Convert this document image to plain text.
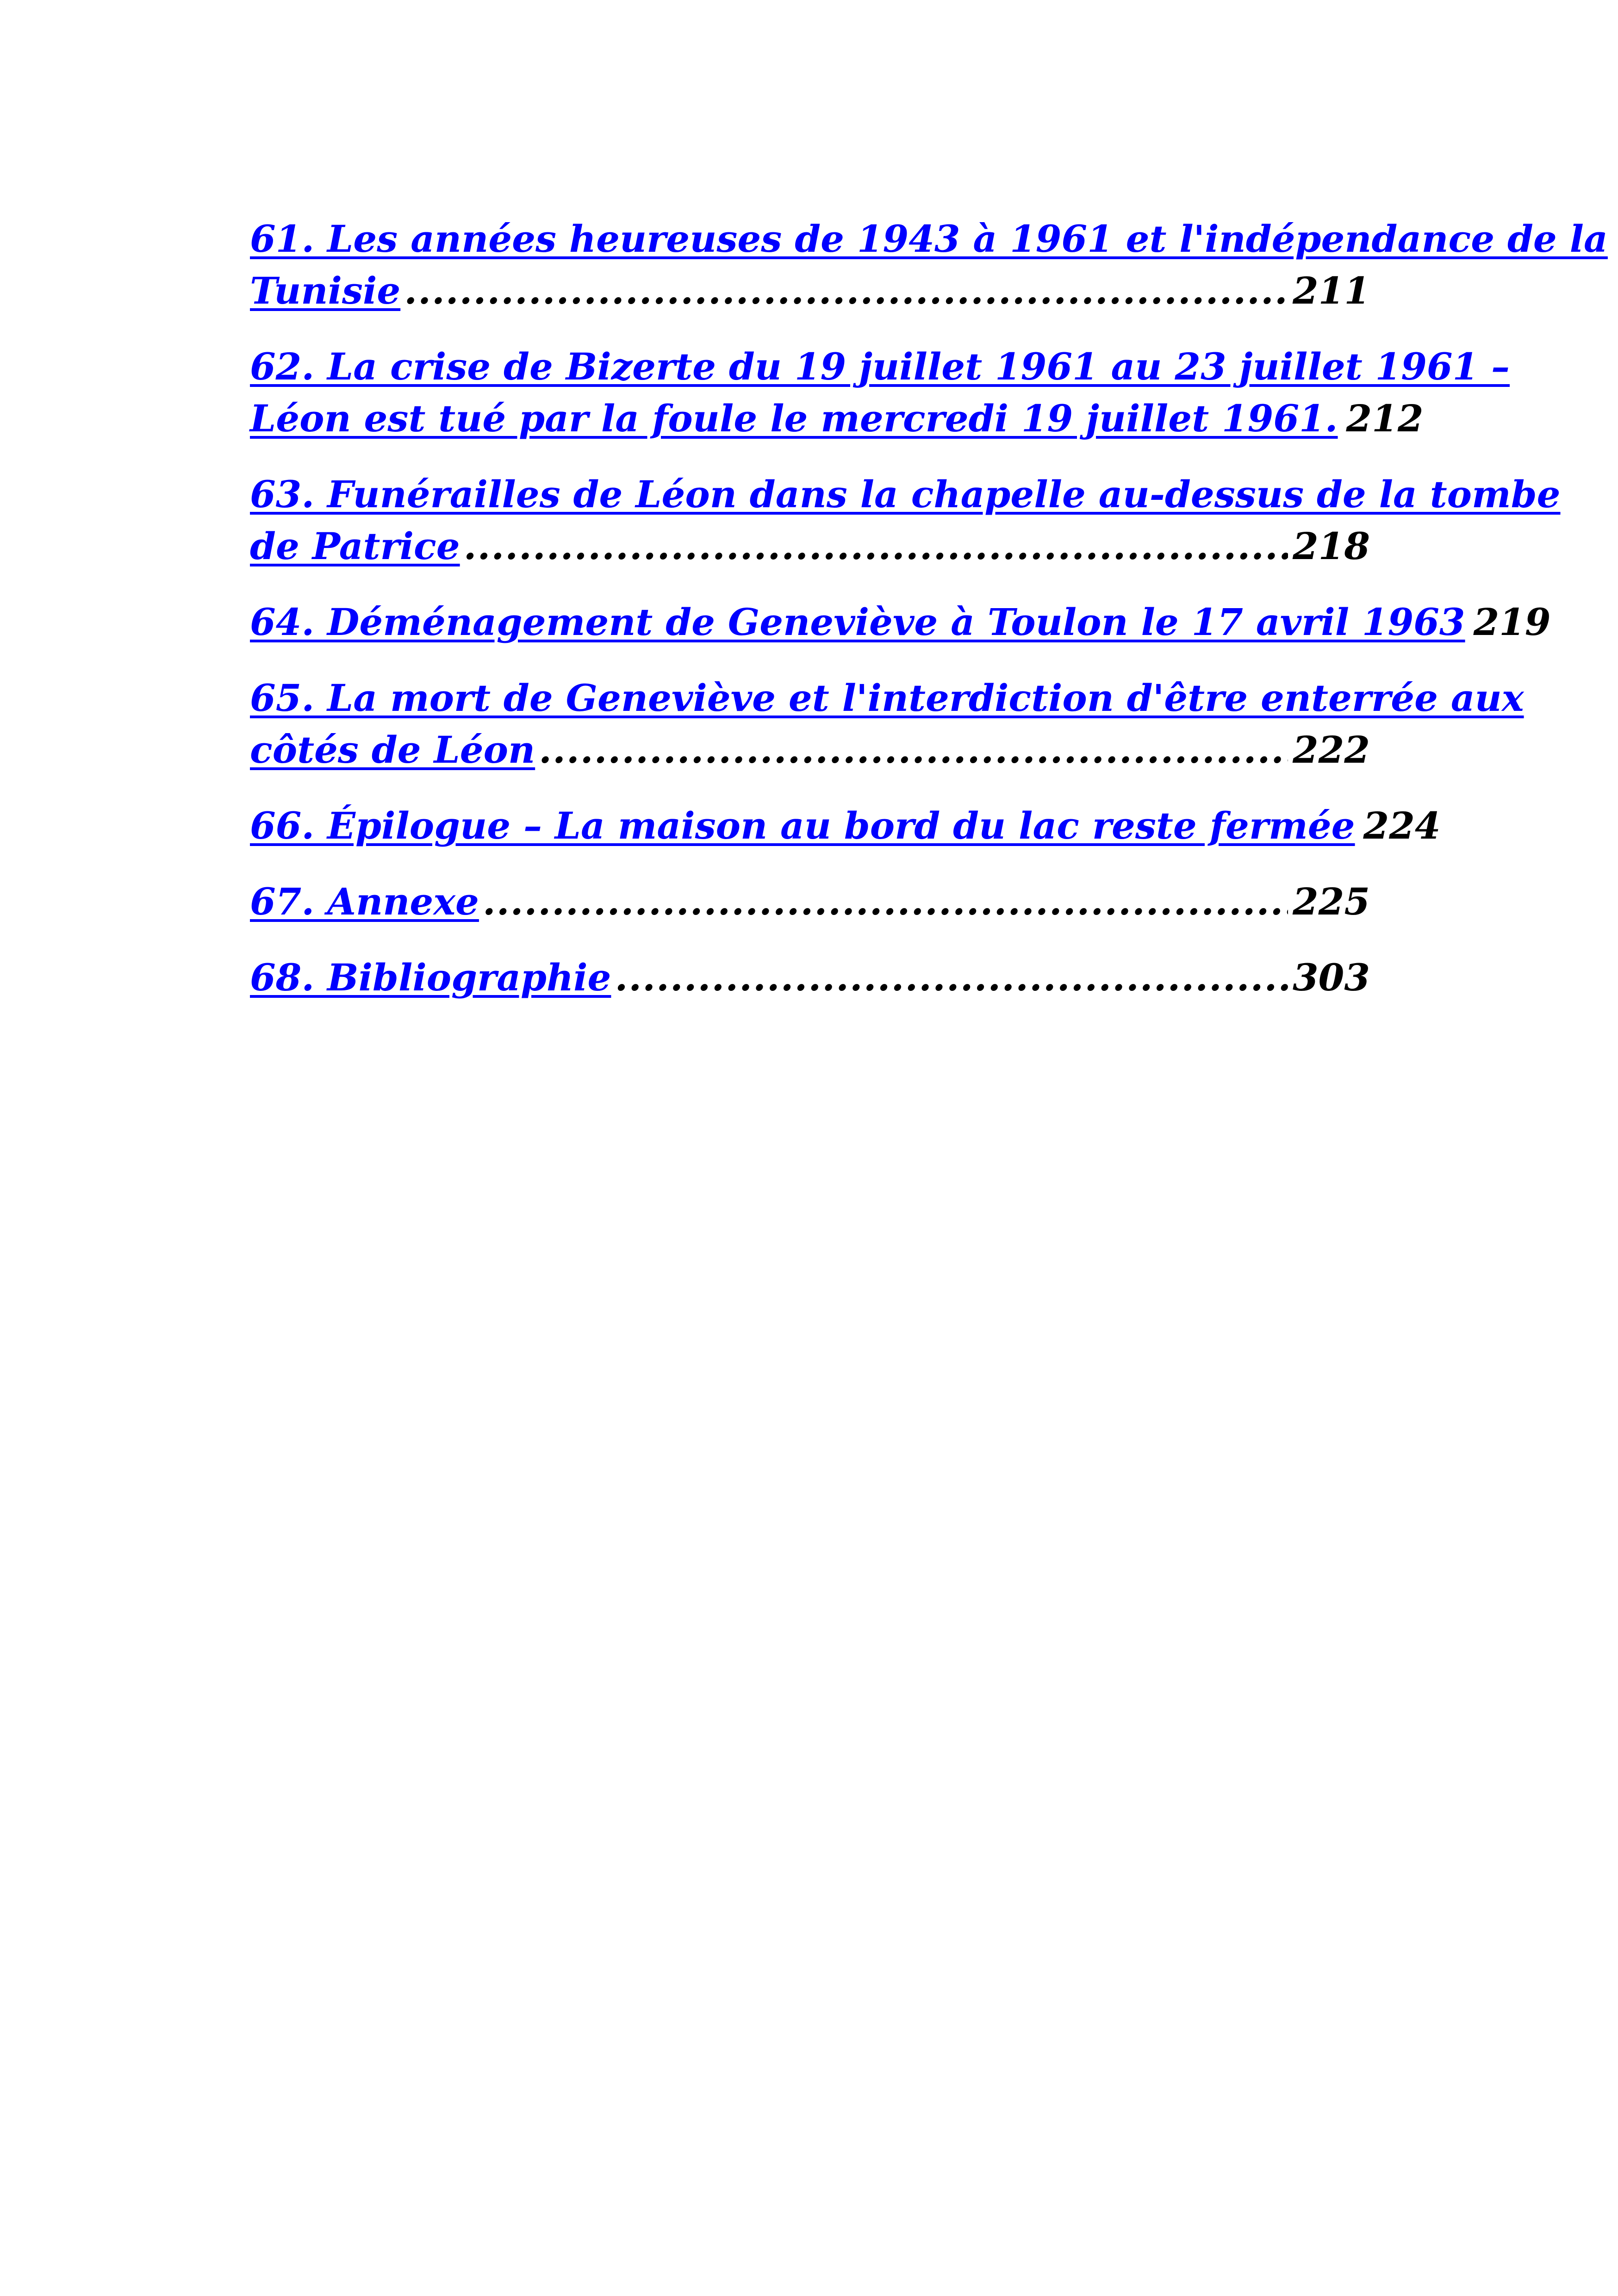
61. Les années heureuses de 1943 à 1961 et l'indépendance de la
Tunisie .....	211
62. La crise de Bizerte du 19 juillet 1961 au 23 juillet 1961 –
Léon est tué par la foule le mercredi 19 juillet 1961. 212
63. Funérailles de Léon dans la chapelle au-dessus de la tombe
de Patrice .....	218
64. Déménagement de Geneviève à Toulon le 17 avril 1963 219
65. La mort de Geneviève et l'interdiction d'être enterrée aux
côtés de Léon .....	222
66. Épilogue – La maison au bord du lac reste fermée 224
67. Annexe .....	225
68. Bibliographie .....	303
